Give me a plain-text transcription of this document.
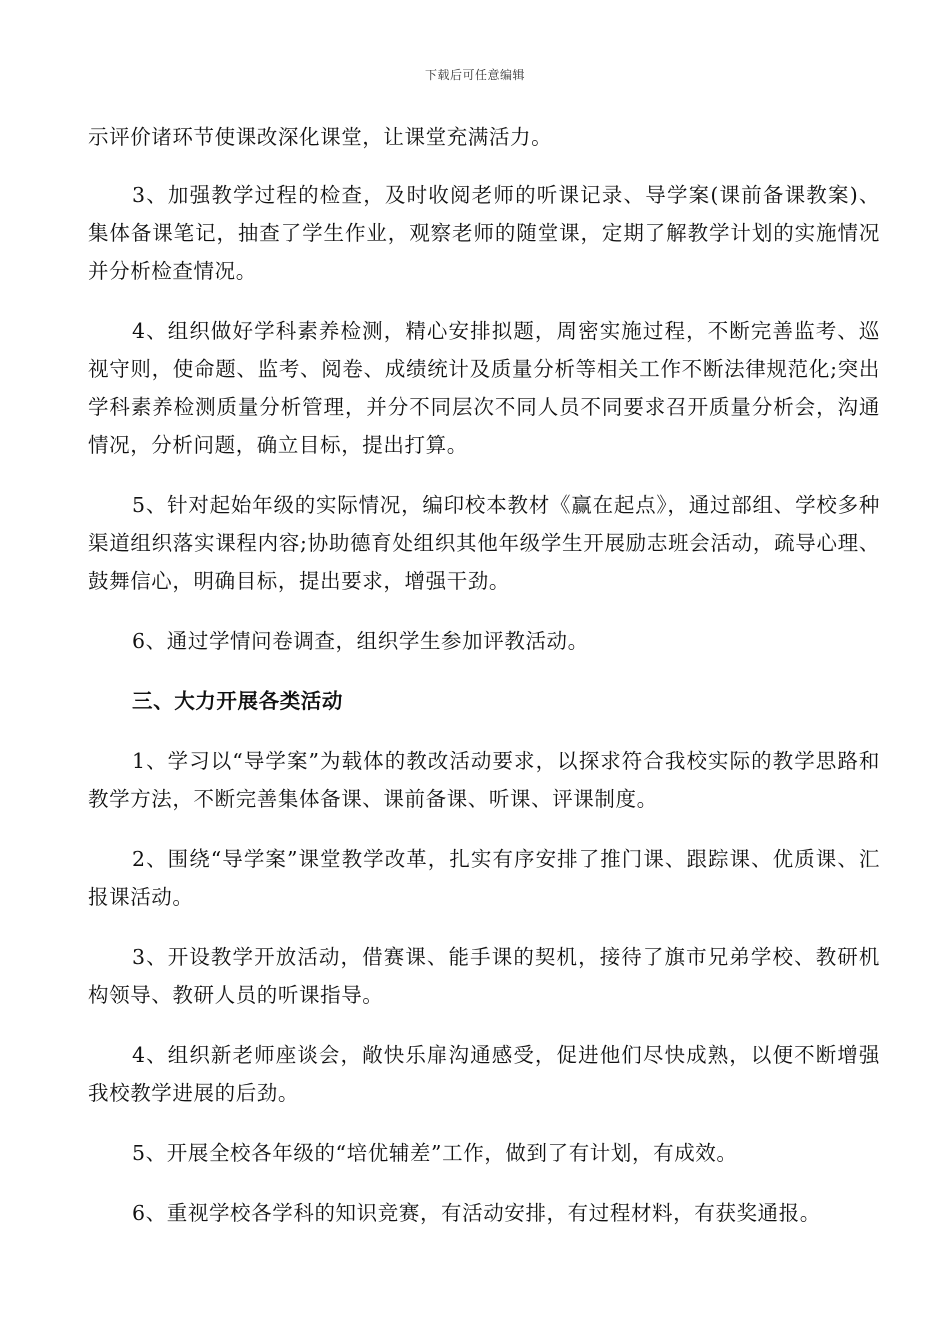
下载后可任意编辑

示评价诸环节使课改深化课堂，让课堂充满活力。

3、加强教学过程的检查，及时收阅老师的听课记录、导学案(课前备课教案)、集体备课笔记，抽查了学生作业，观察老师的随堂课，定期了解教学计划的实施情况并分析检查情况。

4、组织做好学科素养检测，精心安排拟题，周密实施过程，不断完善监考、巡视守则，使命题、监考、阅卷、成绩统计及质量分析等相关工作不断法律规范化;突出学科素养检测质量分析管理，并分不同层次不同人员不同要求召开质量分析会，沟通情况，分析问题，确立目标，提出打算。

5、针对起始年级的实际情况，编印校本教材《赢在起点》，通过部组、学校多种渠道组织落实课程内容;协助德育处组织其他年级学生开展励志班会活动，疏导心理、鼓舞信心，明确目标，提出要求，增强干劲。

6、通过学情问卷调查，组织学生参加评教活动。

三、大力开展各类活动

1、学习以“导学案”为载体的教改活动要求，以探求符合我校实际的教学思路和教学方法，不断完善集体备课、课前备课、听课、评课制度。

2、围绕“导学案”课堂教学改革，扎实有序安排了推门课、跟踪课、优质课、汇报课活动。

3、开设教学开放活动，借赛课、能手课的契机，接待了旗市兄弟学校、教研机构领导、教研人员的听课指导。

4、组织新老师座谈会，敞快乐扉沟通感受，促进他们尽快成熟，以便不断增强我校教学进展的后劲。

5、开展全校各年级的“培优辅差”工作，做到了有计划，有成效。

6、重视学校各学科的知识竞赛，有活动安排，有过程材料，有获奖通报。
